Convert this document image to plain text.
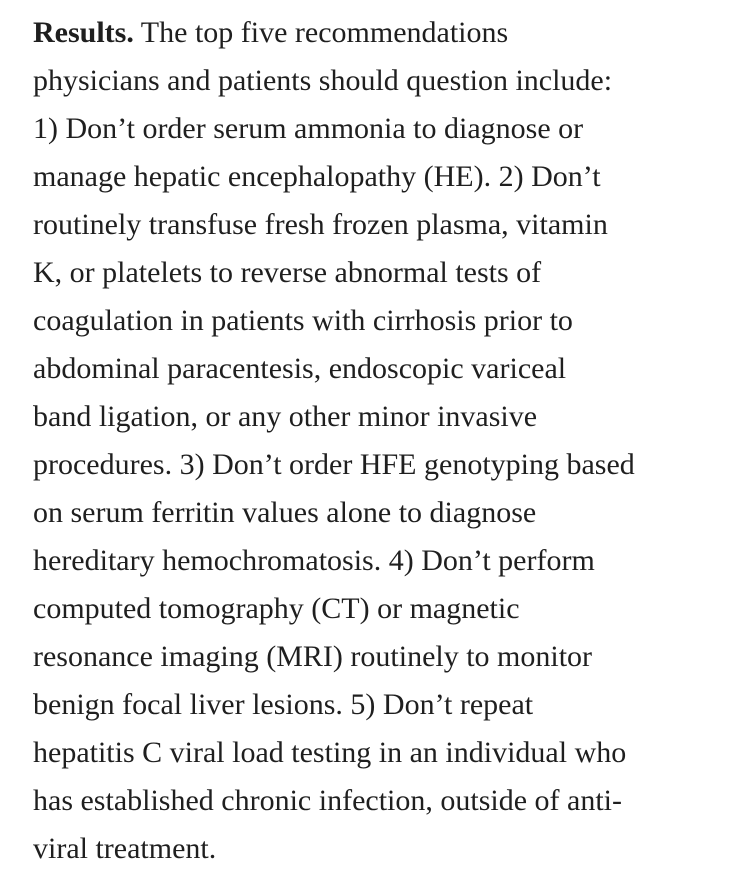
Results. The top five recommendations
physicians and patients should question include:
1) Don’t order serum ammonia to diagnose or
manage hepatic encephalopathy (HE). 2) Don’t
routinely transfuse fresh frozen plasma, vitamin
K, or platelets to reverse abnormal tests of
coagulation in patients with cirrhosis prior to
abdominal paracentesis, endoscopic variceal
band ligation, or any other minor invasive
procedures. 3) Don’t order HFE genotyping based
on serum ferritin values alone to diagnose
hereditary hemochromatosis. 4) Don’t perform
computed tomography (CT) or magnetic
resonance imaging (MRI) routinely to monitor
benign focal liver lesions. 5) Don’t repeat
hepatitis C viral load testing in an individual who
has established chronic infection, outside of anti-
viral treatment.
